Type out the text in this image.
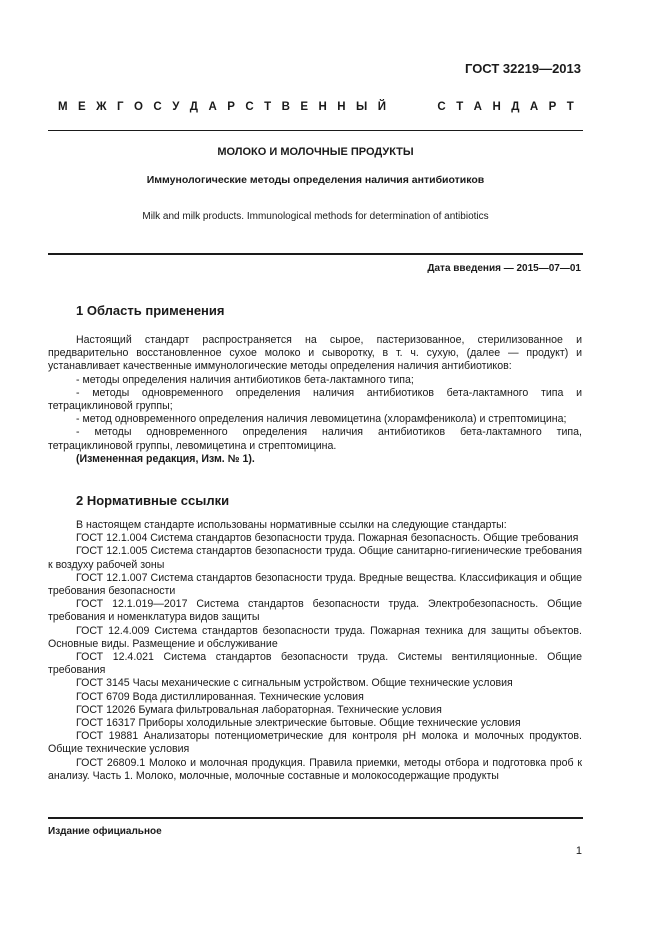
ГОСТ 32219—2013
М Е Ж Г О С У Д А Р С Т В Е Н Н Ы Й

	С Т А Н Д А Р Т
МОЛОКО И МОЛОЧНЫЕ ПРОДУКТЫ
Иммунологические методы определения наличия антибиотиков
Milk and milk products. Immunological methods for determination of antibiotics
Дата введения — 2015—07—01
1 Область применения

Настоящий стандарт распространяется на сырое, пастеризованное, стерилизованное и предварительно восстановленное сухое молоко и сыворотку, в т. ч. сухую, (далее — продукт) и устанавливает качественные иммунологические методы определения наличия антибиотиков:

- методы определения наличия антибиотиков бета-лактамного типа;

- методы одновременного определения наличия антибиотиков бета-лактамного типа и тетрациклиновой группы;

- метод одновременного определения наличия левомицетина (хлорамфеникола) и стрептомицина;

- методы одновременного определения наличия антибиотиков бета-лактамного типа, тетрациклиновой группы, левомицетина и стрептомицина.

(Измененная редакция, Изм. № 1).

2 Нормативные ссылки

В настоящем стандарте использованы нормативные ссылки на следующие стандарты:

ГОСТ 12.1.004 Система стандартов безопасности труда. Пожарная безопасность. Общие требования

ГОСТ 12.1.005 Система стандартов безопасности труда. Общие санитарно-гигиенические требования к воздуху рабочей зоны

ГОСТ 12.1.007 Система стандартов безопасности труда. Вредные вещества. Классификация и общие требования безопасности

ГОСТ 12.1.019—2017 Система стандартов безопасности труда. Электробезопасность. Общие требования и номенклатура видов защиты

ГОСТ 12.4.009 Система стандартов безопасности труда. Пожарная техника для защиты объектов. Основные виды. Размещение и обслуживание

ГОСТ 12.4.021 Система стандартов безопасности труда. Системы вентиляционные. Общие требования

ГОСТ 3145 Часы механические с сигнальным устройством. Общие технические условия

ГОСТ 6709 Вода дистиллированная. Технические условия

ГОСТ 12026 Бумага фильтровальная лабораторная. Технические условия

ГОСТ 16317 Приборы холодильные электрические бытовые. Общие технические условия

ГОСТ 19881 Анализаторы потенциометрические для контроля pH молока и молочных продуктов. Общие технические условия

ГОСТ 26809.1 Молоко и молочная продукция. Правила приемки, методы отбора и подготовка проб к анализу. Часть 1. Молоко, молочные, молочные составные и молокосодержащие продукты

Издание официальное
1
